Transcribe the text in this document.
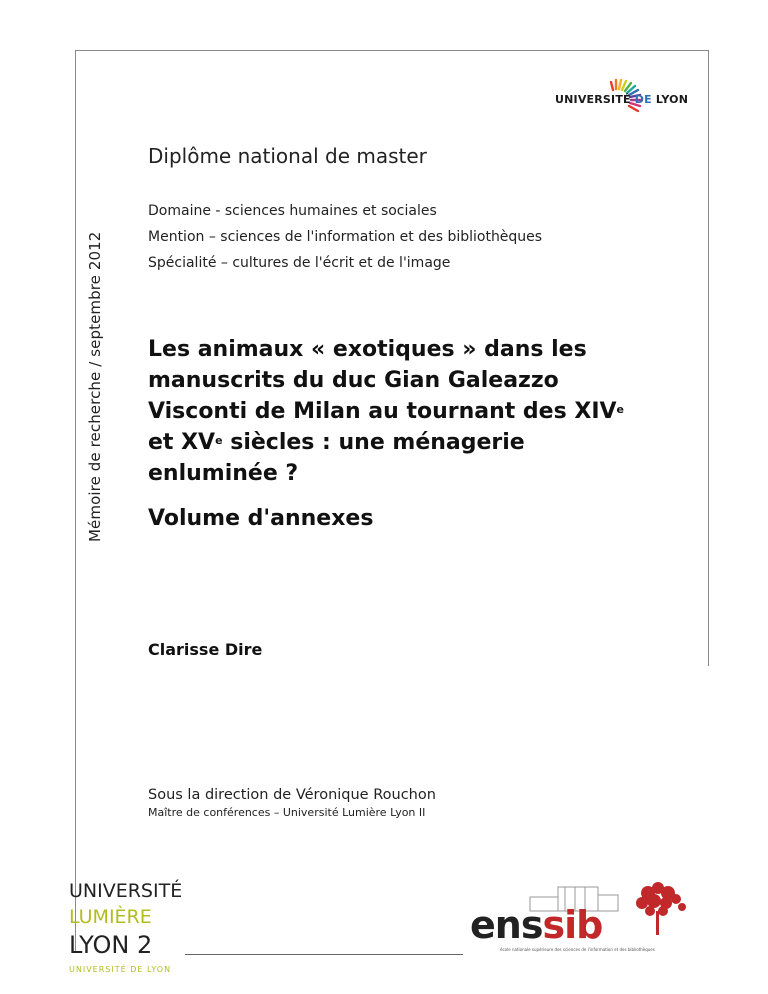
Mémoire de recherche / septembre 2012
UNIVERSITÉ DE LYON
Diplôme national de master
Domaine - sciences humaines et sociales
Mention – sciences de l'information et des bibliothèques
Spécialité – cultures de l'écrit et de l'image
Les animaux « exotiques » dans les
manuscrits du duc Gian Galeazzo
Visconti de Milan au tournant des XIVe
et XVe siècles : une ménagerie
enluminée ?
Volume d'annexes
Clarisse Dire
Sous la direction de Véronique Rouchon
Maître de conférences – Université Lumière Lyon II
UNIVERSITÉ
LUMIÈRE
LYON 2
UNIVERSITÉ DE LYON
enssib
école nationale supérieure des sciences de l'information et des bibliothèques
